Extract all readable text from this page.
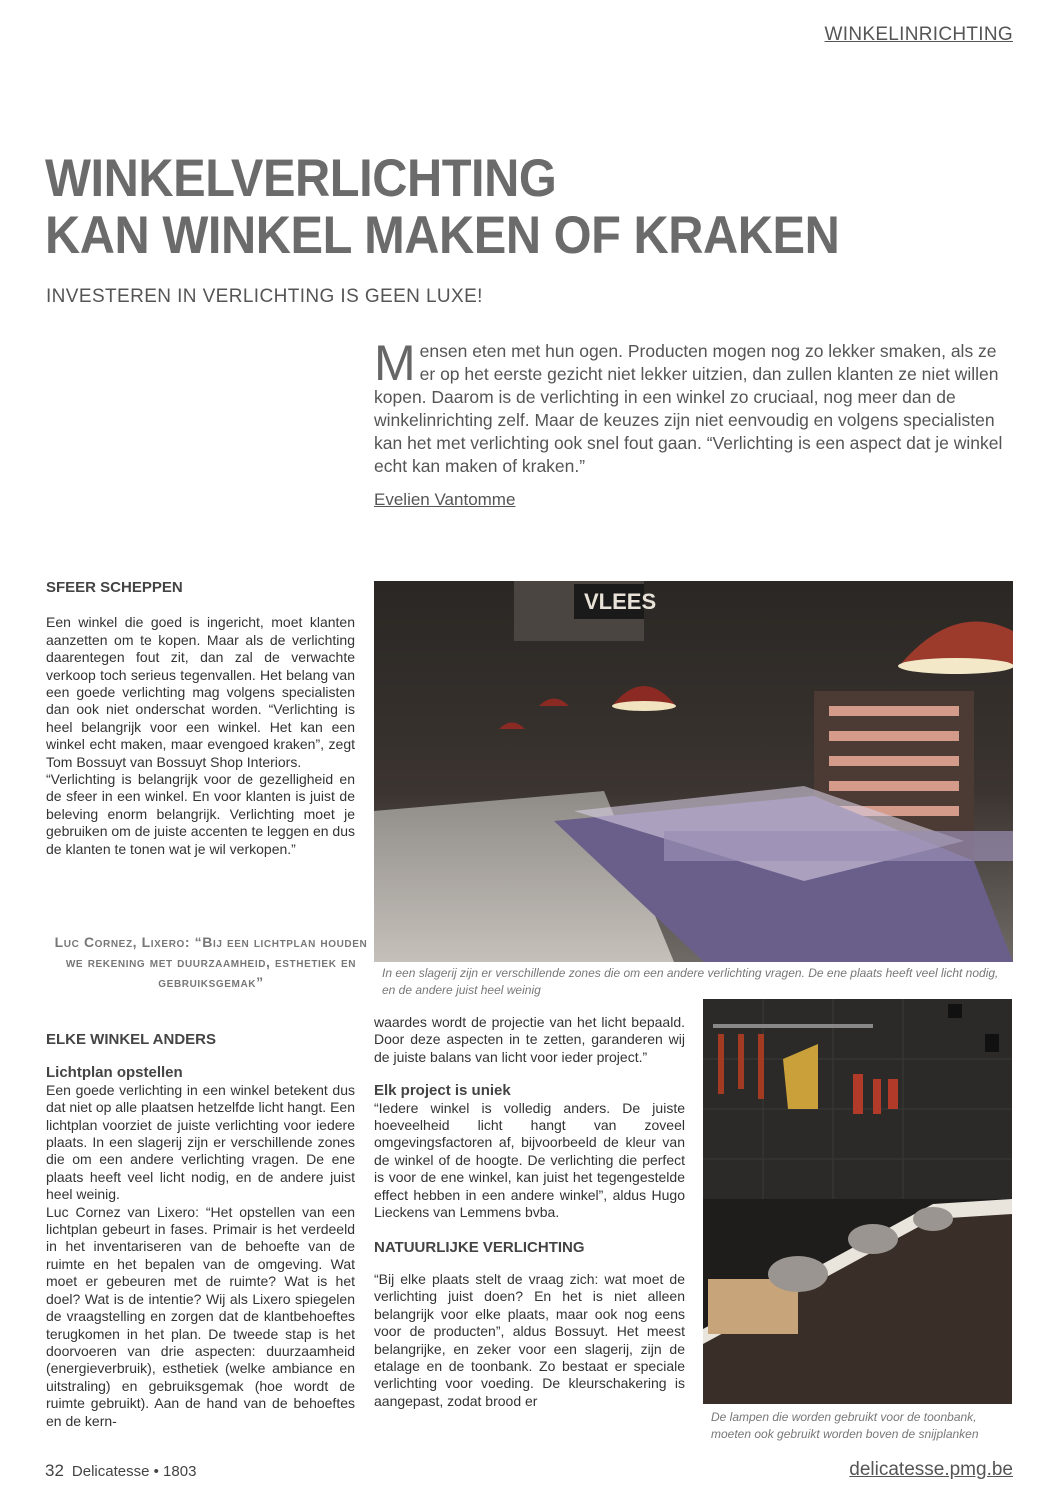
WINKELINRICHTING
WINKELVERLICHTING
KAN WINKEL MAKEN OF KRAKEN
INVESTEREN IN VERLICHTING IS GEEN LUXE!
Mensen eten met hun ogen. Producten mogen nog zo lekker smaken, als ze er op het eerste gezicht niet lekker uitzien, dan zullen klanten ze niet willen kopen. Daarom is de verlichting in een winkel zo cruciaal, nog meer dan de winkelinrichting zelf. Maar de keuzes zijn niet eenvoudig en volgens specialisten kan het met verlichting ook snel fout gaan. “Verlichting is een aspect dat je winkel echt kan maken of kraken.”
Evelien Vantomme
SFEER SCHEPPEN

Een winkel die goed is ingericht, moet klanten aanzetten om te kopen. Maar als de verlichting daarentegen fout zit, dan zal de verwachte verkoop toch serieus tegenvallen. Het belang van een goede verlichting mag volgens specialisten dan ook niet onderschat worden. “Verlichting is heel belangrijk voor een winkel. Het kan een winkel echt maken, maar evengoed kraken”, zegt Tom Bossuyt van Bossuyt Shop Interiors.

“Verlichting is belangrijk voor de gezelligheid en de sfeer in een winkel. En voor klanten is juist de beleving enorm belangrijk. Verlichting moet je gebruiken om de juiste accenten te leggen en dus de klanten te tonen wat je wil verkopen.”

Luc Cornez, Lixero: “Bij een lichtplan houden we rekening met duurzaamheid, esthetiek en gebruiksgemak”
ELKE WINKEL ANDERS
Lichtplan opstellen

Een goede verlichting in een winkel betekent dus dat niet op alle plaatsen hetzelfde licht hangt. Een lichtplan voorziet de juiste verlichting voor iedere plaats. In een slagerij zijn er verschillende zones die om een andere verlichting vragen. De ene plaats heeft veel licht nodig, en de andere juist heel weinig.

Luc Cornez van Lixero: “Het opstellen van een lichtplan gebeurt in fases. Primair is het verdeeld in het inventariseren van de behoefte van de ruimte en het bepalen van de omgeving. Wat moet er gebeuren met de ruimte? Wat is het doel? Wat is de intentie? Wij als Lixero spiegelen de vraagstelling en zorgen dat de klantbehoeftes terugkomen in het plan. De tweede stap is het doorvoeren van drie aspecten: duurzaamheid (energieverbruik), esthetiek (welke ambiance en uitstraling) en gebruiksgemak (hoe wordt de ruimte gebruikt). Aan de hand van de behoeftes en de kern-

VLEES
In een slagerij zijn er verschillende zones die om een andere verlichting vragen. De ene plaats heeft veel licht nodig, en de andere juist heel weinig

waardes wordt de projectie van het licht bepaald. Door deze aspecten in te zetten, garanderen wij de juiste balans van licht voor ieder project.”

Elk project is uniek

“Iedere winkel is volledig anders. De juiste hoeveelheid licht hangt van zoveel omgevingsfactoren af, bijvoorbeeld de kleur van de winkel of de hoogte. De verlichting die perfect is voor de ene winkel, kan juist het tegengestelde effect hebben in een andere winkel”, aldus Hugo Lieckens van Lemmens bvba.

NATUURLIJKE VERLICHTING

“Bij elke plaats stelt de vraag zich: wat moet de verlichting juist doen? En het is niet alleen belangrijk voor elke plaats, maar ook nog eens voor de producten”, aldus Bossuyt. Het meest belangrijke, en zeker voor een slagerij, zijn de etalage en de toonbank. Zo bestaat er speciale verlichting voor voeding. De kleurschakering is aangepast, zodat brood er

De lampen die worden gebruikt voor de toonbank, moeten ook gebruikt worden boven de snijplanken
32 Delicatesse • 1803	delicatesse.pmg.be
